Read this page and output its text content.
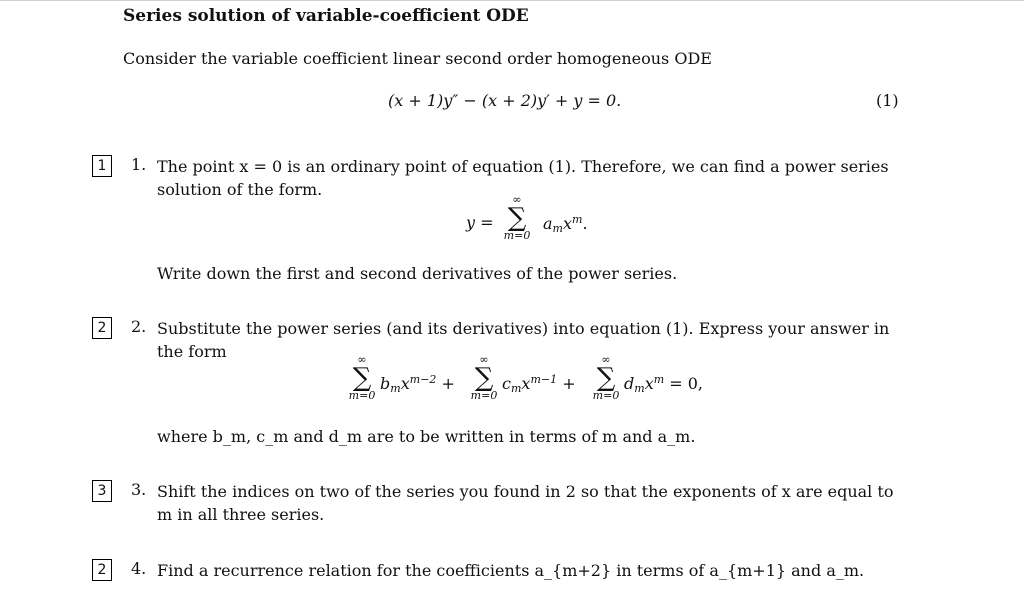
Series solution of variable-coefficient ODE
Consider the variable coefficient linear second order homogeneous ODE
(x + 1)y″ − (x + 2)y′ + y = 0.	(1)
1	1. The point x = 0 is an ordinary point of equation (1). Therefore, we can find a power series solution of the form.
y =
∞
∑
m=0
$a_mx^m$.
Write down the first and second derivatives of the power series.
2	2. Substitute the power series (and its derivatives) into equation (1). Express your answer in the form	∞
∑
m=0
$b_mx^{m-2}$ +
∞
∑
m=0
$c_mx^{m-1}$ +
∞
∑
m=0
$d_mx^m = 0$,
where b_m, c_m and d_m are to be written in terms of m and a_m.
3	3. Shift the indices on two of the series you found in 2 so that the exponents of x are equal to m in all three series.
2	4. Find a recurrence relation for the coefficients a_{m+2} in terms of a_{m+1} and a_m.
